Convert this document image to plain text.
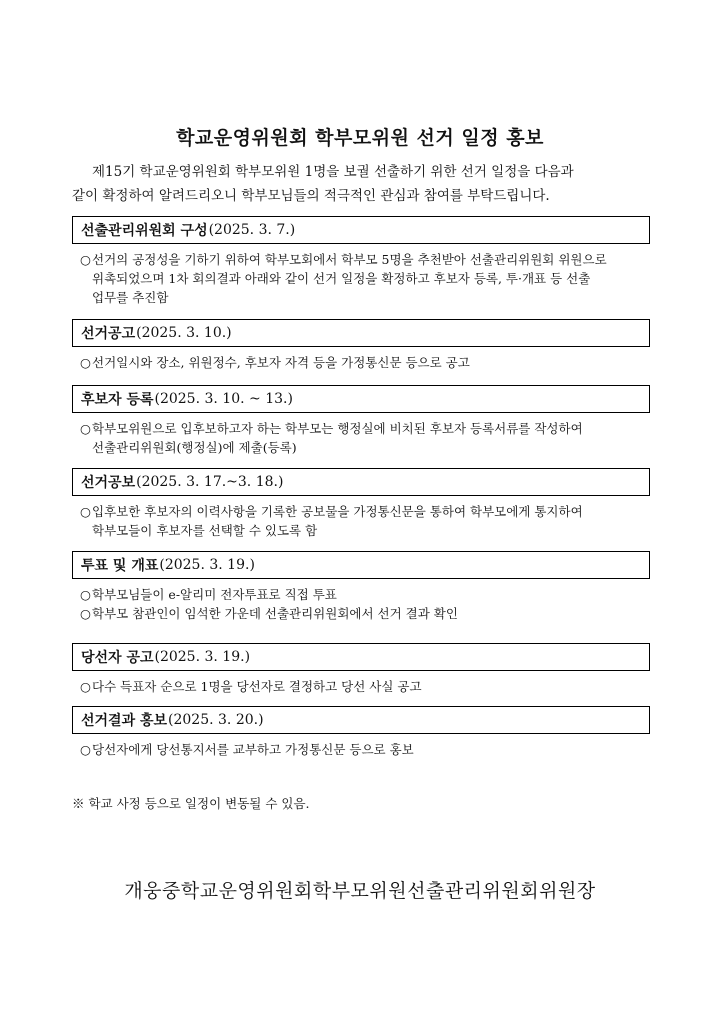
학교운영위원회 학부모위원 선거 일정 홍보

제15기 학교운영위원회 학부모위원 1명을 보궐 선출하기 위한 선거 일정을 다음과

같이 확정하여 알려드리오니 학부모님들의 적극적인 관심과 참여를 부탁드립니다.

선출관리위원회 구성 (2025. 3. 7.)
○ 선거의 공정성을 기하기 위하여 학부모회에서 학부모 5명을 추천받아 선출관리위원회 위원으로
위촉되었으며 1차 회의결과 아래와 같이 선거 일정을 확정하고 후보자 등록, 투·개표 등 선출
업무를 추진함
선거공고 (2025. 3. 10.)
○ 선거일시와 장소, 위원정수, 후보자 자격 등을 가정통신문 등으로 공고
후보자 등록 (2025. 3. 10. ~ 13.)
○ 학부모위원으로 입후보하고자 하는 학부모는 행정실에 비치된 후보자 등록서류를 작성하여
선출관리위원회(행정실)에 제출(등록)
선거공보 (2025. 3. 17.~3. 18.)
○ 입후보한 후보자의 이력사항을 기록한 공보물을 가정통신문을 통하여 학부모에게 통지하여
학부모들이 후보자를 선택할 수 있도록 함
투표 및 개표 (2025. 3. 19.)
○ 학부모님들이 e-알리미 전자투표로 직접 투표
○ 학부모 참관인이 임석한 가운데 선출관리위원회에서 선거 결과 확인
당선자 공고 (2025. 3. 19.)
○ 다수 득표자 순으로 1명을 당선자로 결정하고 당선 사실 공고
선거결과 홍보 (2025. 3. 20.)
○ 당선자에게 당선통지서를 교부하고 가정통신문 등으로 홍보
※ 학교 사정 등으로 일정이 변동될 수 있음.
개웅중학교운영위원회학부모위원선출관리위원회위원장
